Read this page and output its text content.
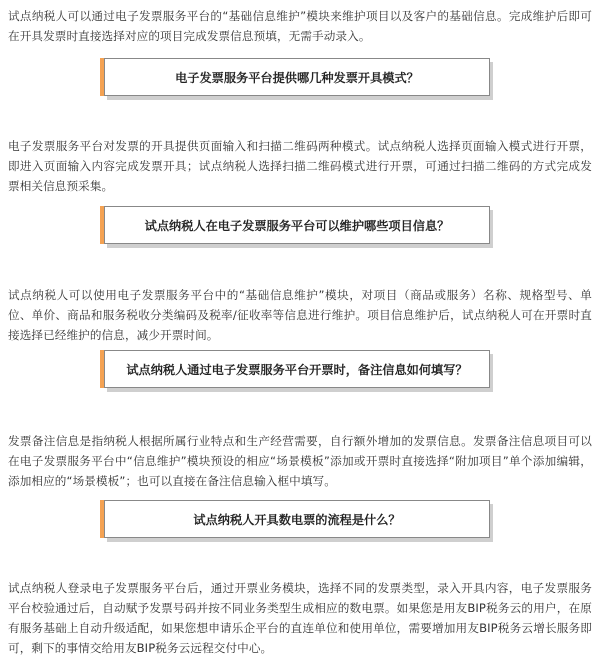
试点纳税人可以通过电子发票服务平台的“基础信息维护”模块来维护项目以及客户的基础信息。完成维护后即可在开具发票时直接选择对应的项目完成发票信息预填，无需手动录入。

电子发票服务平台提供哪几种发票开具模式？

电子发票服务平台对发票的开具提供页面输入和扫描二维码两种模式。试点纳税人选择页面输入模式进行开票，即进入页面输入内容完成发票开具；试点纳税人选择扫描二维码模式进行开票，可通过扫描二维码的方式完成发票相关信息预采集。

试点纳税人在电子发票服务平台可以维护哪些项目信息？

试点纳税人可以使用电子发票服务平台中的“基础信息维护”模块，对项目（商品或服务）名称、规格型号、单位、单价、商品和服务税收分类编码及税率/征收率等信息进行维护。项目信息维护后，试点纳税人可在开票时直接选择已经维护的信息，减少开票时间。

试点纳税人通过电子发票服务平台开票时，备注信息如何填写？

发票备注信息是指纳税人根据所属行业特点和生产经营需要，自行额外增加的发票信息。发票备注信息项目可以在电子发票服务平台中“信息维护”模块预设的相应“场景模板”添加或开票时直接选择“附加项目”单个添加编辑，添加相应的“场景模板”；也可以直接在备注信息输入框中填写。

试点纳税人开具数电票的流程是什么？

试点纳税人登录电子发票服务平台后，通过开票业务模块，选择不同的发票类型，录入开具内容，电子发票服务平台校验通过后，自动赋予发票号码并按不同业务类型生成相应的数电票。如果您是用友BIP税务云的用户，在原有服务基础上自动升级适配，如果您想申请乐企平台的直连单位和使用单位，需要增加用友BIP税务云增长服务即可，剩下的事情交给用友BIP税务云远程交付中心。
